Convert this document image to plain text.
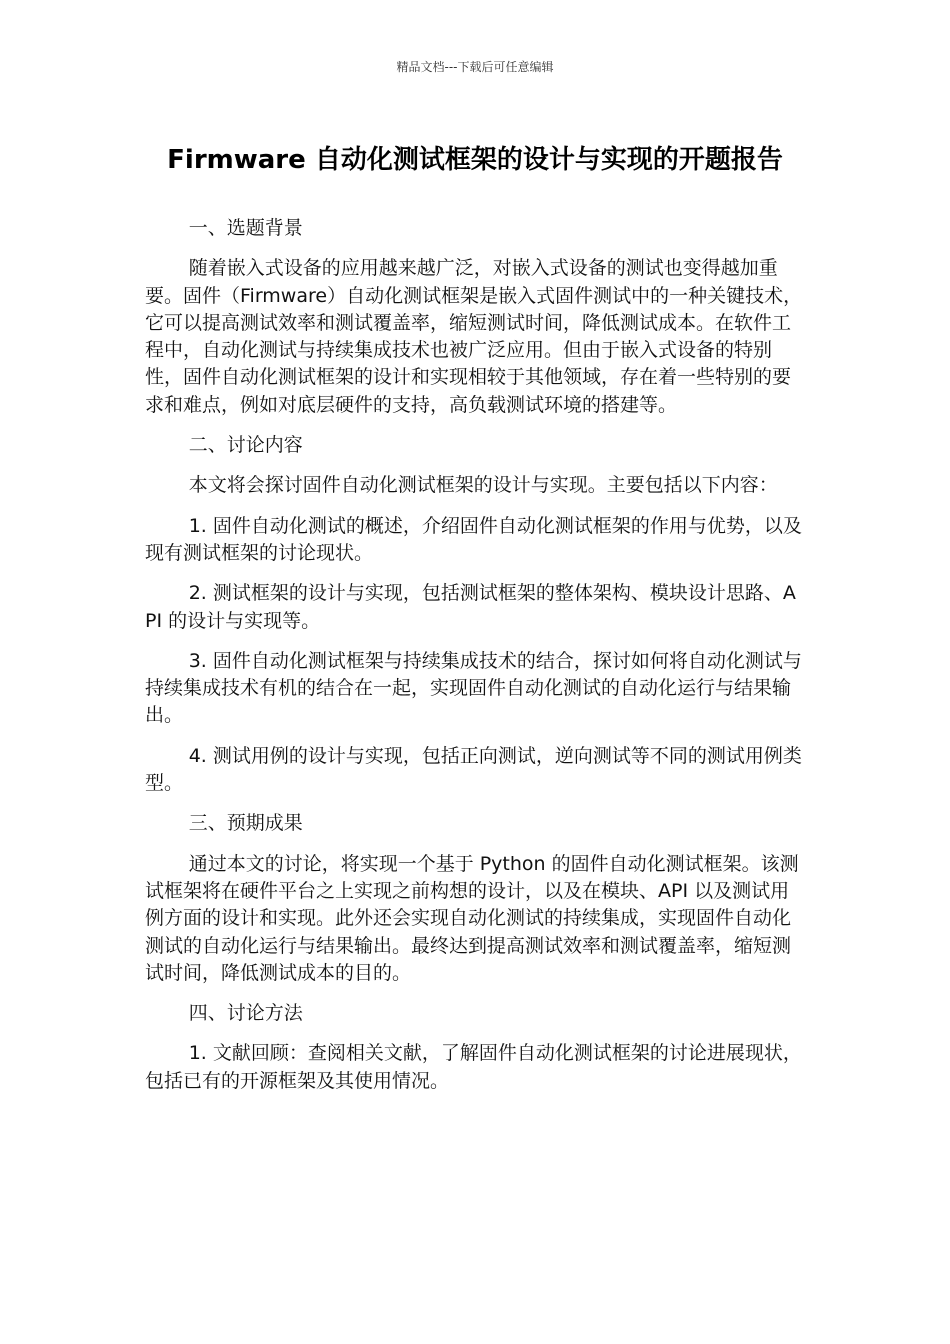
精品文档---下载后可任意编辑
Firmware 自动化测试框架的设计与实现的开题报告

一、选题背景

随着嵌入式设备的应用越来越广泛，对嵌入式设备的测试也变得越加重要。固件（Firmware）自动化测试框架是嵌入式固件测试中的一种关键技术，它可以提高测试效率和测试覆盖率，缩短测试时间，降低测试成本。在软件工程中，自动化测试与持续集成技术也被广泛应用。但由于嵌入式设备的特别性，固件自动化测试框架的设计和实现相较于其他领域，存在着一些特别的要求和难点，例如对底层硬件的支持，高负载测试环境的搭建等。

二、讨论内容

本文将会探讨固件自动化测试框架的设计与实现。主要包括以下内容：

1. 固件自动化测试的概述，介绍固件自动化测试框架的作用与优势，以及现有测试框架的讨论现状。

2. 测试框架的设计与实现，包括测试框架的整体架构、模块设计思路、API 的设计与实现等。

3. 固件自动化测试框架与持续集成技术的结合，探讨如何将自动化测试与持续集成技术有机的结合在一起，实现固件自动化测试的自动化运行与结果输出。

4. 测试用例的设计与实现，包括正向测试，逆向测试等不同的测试用例类型。

三、预期成果

通过本文的讨论，将实现一个基于 Python 的固件自动化测试框架。该测试框架将在硬件平台之上实现之前构想的设计，以及在模块、API 以及测试用例方面的设计和实现。此外还会实现自动化测试的持续集成，实现固件自动化测试的自动化运行与结果输出。最终达到提高测试效率和测试覆盖率，缩短测试时间，降低测试成本的目的。

四、讨论方法

1. 文献回顾：查阅相关文献，了解固件自动化测试框架的讨论进展现状，包括已有的开源框架及其使用情况。
